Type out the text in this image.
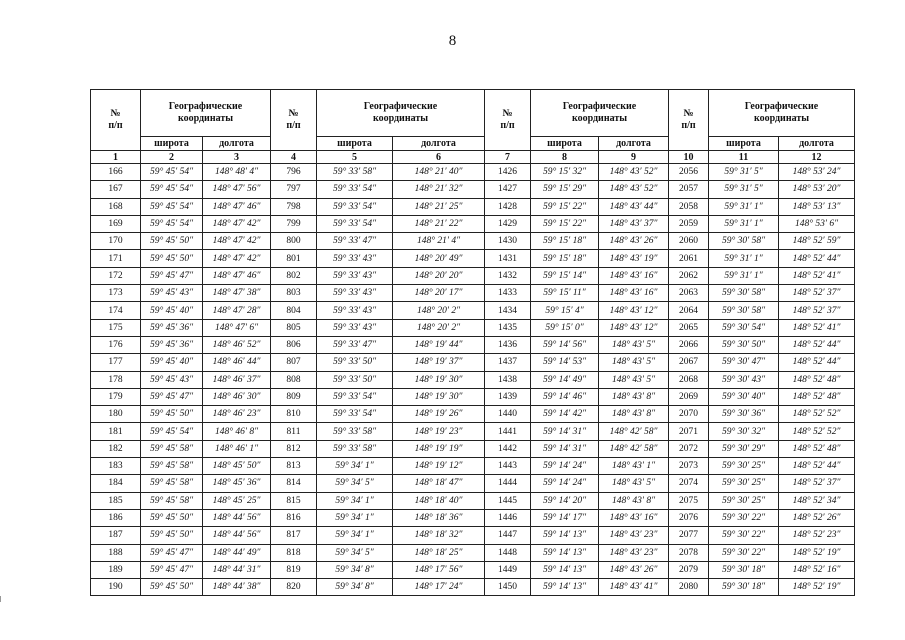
8
№
п/п	Географические
координаты		№
п/п	Географические
координаты		№
п/п	Географические
координаты		№
п/п	Географические
координаты	
	широта	долгота		широта	долгота		широта	долгота		широта	долгота
1	2	3	4	5	6	7	8	9	10	11	12
166	59° 45′ 54″	148° 48′ 4″	796	59° 33′ 58″	148° 21′ 40″	1426	59° 15′ 32″	148° 43′ 52″	2056	59° 31′ 5″	148° 53′ 24″
167	59° 45′ 54″	148° 47′ 56″	797	59° 33′ 54″	148° 21′ 32″	1427	59° 15′ 29″	148° 43′ 52″	2057	59° 31′ 5″	148° 53′ 20″
168	59° 45′ 54″	148° 47′ 46″	798	59° 33′ 54″	148° 21′ 25″	1428	59° 15′ 22″	148° 43′ 44″	2058	59° 31′ 1″	148° 53′ 13″
169	59° 45′ 54″	148° 47′ 42″	799	59° 33′ 54″	148° 21′ 22″	1429	59° 15′ 22″	148° 43′ 37″	2059	59° 31′ 1″	148° 53′ 6″
170	59° 45′ 50″	148° 47′ 42″	800	59° 33′ 47″	148° 21′ 4″	1430	59° 15′ 18″	148° 43′ 26″	2060	59° 30′ 58″	148° 52′ 59″
171	59° 45′ 50″	148° 47′ 42″	801	59° 33′ 43″	148° 20′ 49″	1431	59° 15′ 18″	148° 43′ 19″	2061	59° 31′ 1″	148° 52′ 44″
172	59° 45′ 47″	148° 47′ 46″	802	59° 33′ 43″	148° 20′ 20″	1432	59° 15′ 14″	148° 43′ 16″	2062	59° 31′ 1″	148° 52′ 41″
173	59° 45′ 43″	148° 47′ 38″	803	59° 33′ 43″	148° 20′ 17″	1433	59° 15′ 11″	148° 43′ 16″	2063	59° 30′ 58″	148° 52′ 37″
174	59° 45′ 40″	148° 47′ 28″	804	59° 33′ 43″	148° 20′ 2″	1434	59° 15′ 4″	148° 43′ 12″	2064	59° 30′ 58″	148° 52′ 37″
175	59° 45′ 36″	148° 47′ 6″	805	59° 33′ 43″	148° 20′ 2″	1435	59° 15′ 0″	148° 43′ 12″	2065	59° 30′ 54″	148° 52′ 41″
176	59° 45′ 36″	148° 46′ 52″	806	59° 33′ 47″	148° 19′ 44″	1436	59° 14′ 56″	148° 43′ 5″	2066	59° 30′ 50″	148° 52′ 44″
177	59° 45′ 40″	148° 46′ 44″	807	59° 33′ 50″	148° 19′ 37″	1437	59° 14′ 53″	148° 43′ 5″	2067	59° 30′ 47″	148° 52′ 44″
178	59° 45′ 43″	148° 46′ 37″	808	59° 33′ 50″	148° 19′ 30″	1438	59° 14′ 49″	148° 43′ 5″	2068	59° 30′ 43″	148° 52′ 48″
179	59° 45′ 47″	148° 46′ 30″	809	59° 33′ 54″	148° 19′ 30″	1439	59° 14′ 46″	148° 43′ 8″	2069	59° 30′ 40″	148° 52′ 48″
180	59° 45′ 50″	148° 46′ 23″	810	59° 33′ 54″	148° 19′ 26″	1440	59° 14′ 42″	148° 43′ 8″	2070	59° 30′ 36″	148° 52′ 52″
181	59° 45′ 54″	148° 46′ 8″	811	59° 33′ 58″	148° 19′ 23″	1441	59° 14′ 31″	148° 42′ 58″	2071	59° 30′ 32″	148° 52′ 52″
182	59° 45′ 58″	148° 46′ 1″	812	59° 33′ 58″	148° 19′ 19″	1442	59° 14′ 31″	148° 42′ 58″	2072	59° 30′ 29″	148° 52′ 48″
183	59° 45′ 58″	148° 45′ 50″	813	59° 34′ 1″	148° 19′ 12″	1443	59° 14′ 24″	148° 43′ 1″	2073	59° 30′ 25″	148° 52′ 44″
184	59° 45′ 58″	148° 45′ 36″	814	59° 34′ 5″	148° 18′ 47″	1444	59° 14′ 24″	148° 43′ 5″	2074	59° 30′ 25″	148° 52′ 37″
185	59° 45′ 58″	148° 45′ 25″	815	59° 34′ 1″	148° 18′ 40″	1445	59° 14′ 20″	148° 43′ 8″	2075	59° 30′ 25″	148° 52′ 34″
186	59° 45′ 50″	148° 44′ 56″	816	59° 34′ 1″	148° 18′ 36″	1446	59° 14′ 17″	148° 43′ 16″	2076	59° 30′ 22″	148° 52′ 26″
187	59° 45′ 50″	148° 44′ 56″	817	59° 34′ 1″	148° 18′ 32″	1447	59° 14′ 13″	148° 43′ 23″	2077	59° 30′ 22″	148° 52′ 23″
188	59° 45′ 47″	148° 44′ 49″	818	59° 34′ 5″	148° 18′ 25″	1448	59° 14′ 13″	148° 43′ 23″	2078	59° 30′ 22″	148° 52′ 19″
189	59° 45′ 47″	148° 44′ 31″	819	59° 34′ 8″	148° 17′ 56″	1449	59° 14′ 13″	148° 43′ 26″	2079	59° 30′ 18″	148° 52′ 16″
190	59° 45′ 50″	148° 44′ 38″	820	59° 34′ 8″	148° 17′ 24″	1450	59° 14′ 13″	148° 43′ 41″	2080	59° 30′ 18″	148° 52′ 19″
